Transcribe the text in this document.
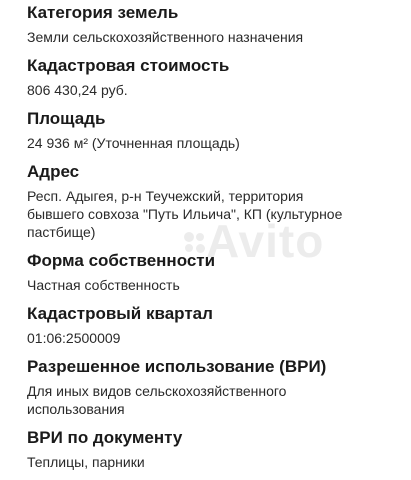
Avito
Категория земель
Земли сельскохозяйственного назначения
Кадастровая стоимость
806 430,24 руб.
Площадь
24 936 м² (Уточненная площадь)
Адрес
Респ. Адыгея, р-н Теучежский, территория
бывшего совхоза "Путь Ильича", КП (культурное
пастбище)
Форма собственности
Частная собственность
Кадастровый квартал
01:06:2500009
Разрешенное использование (ВРИ)
Для иных видов сельскохозяйственного
использования
ВРИ по документу
Теплицы, парники
